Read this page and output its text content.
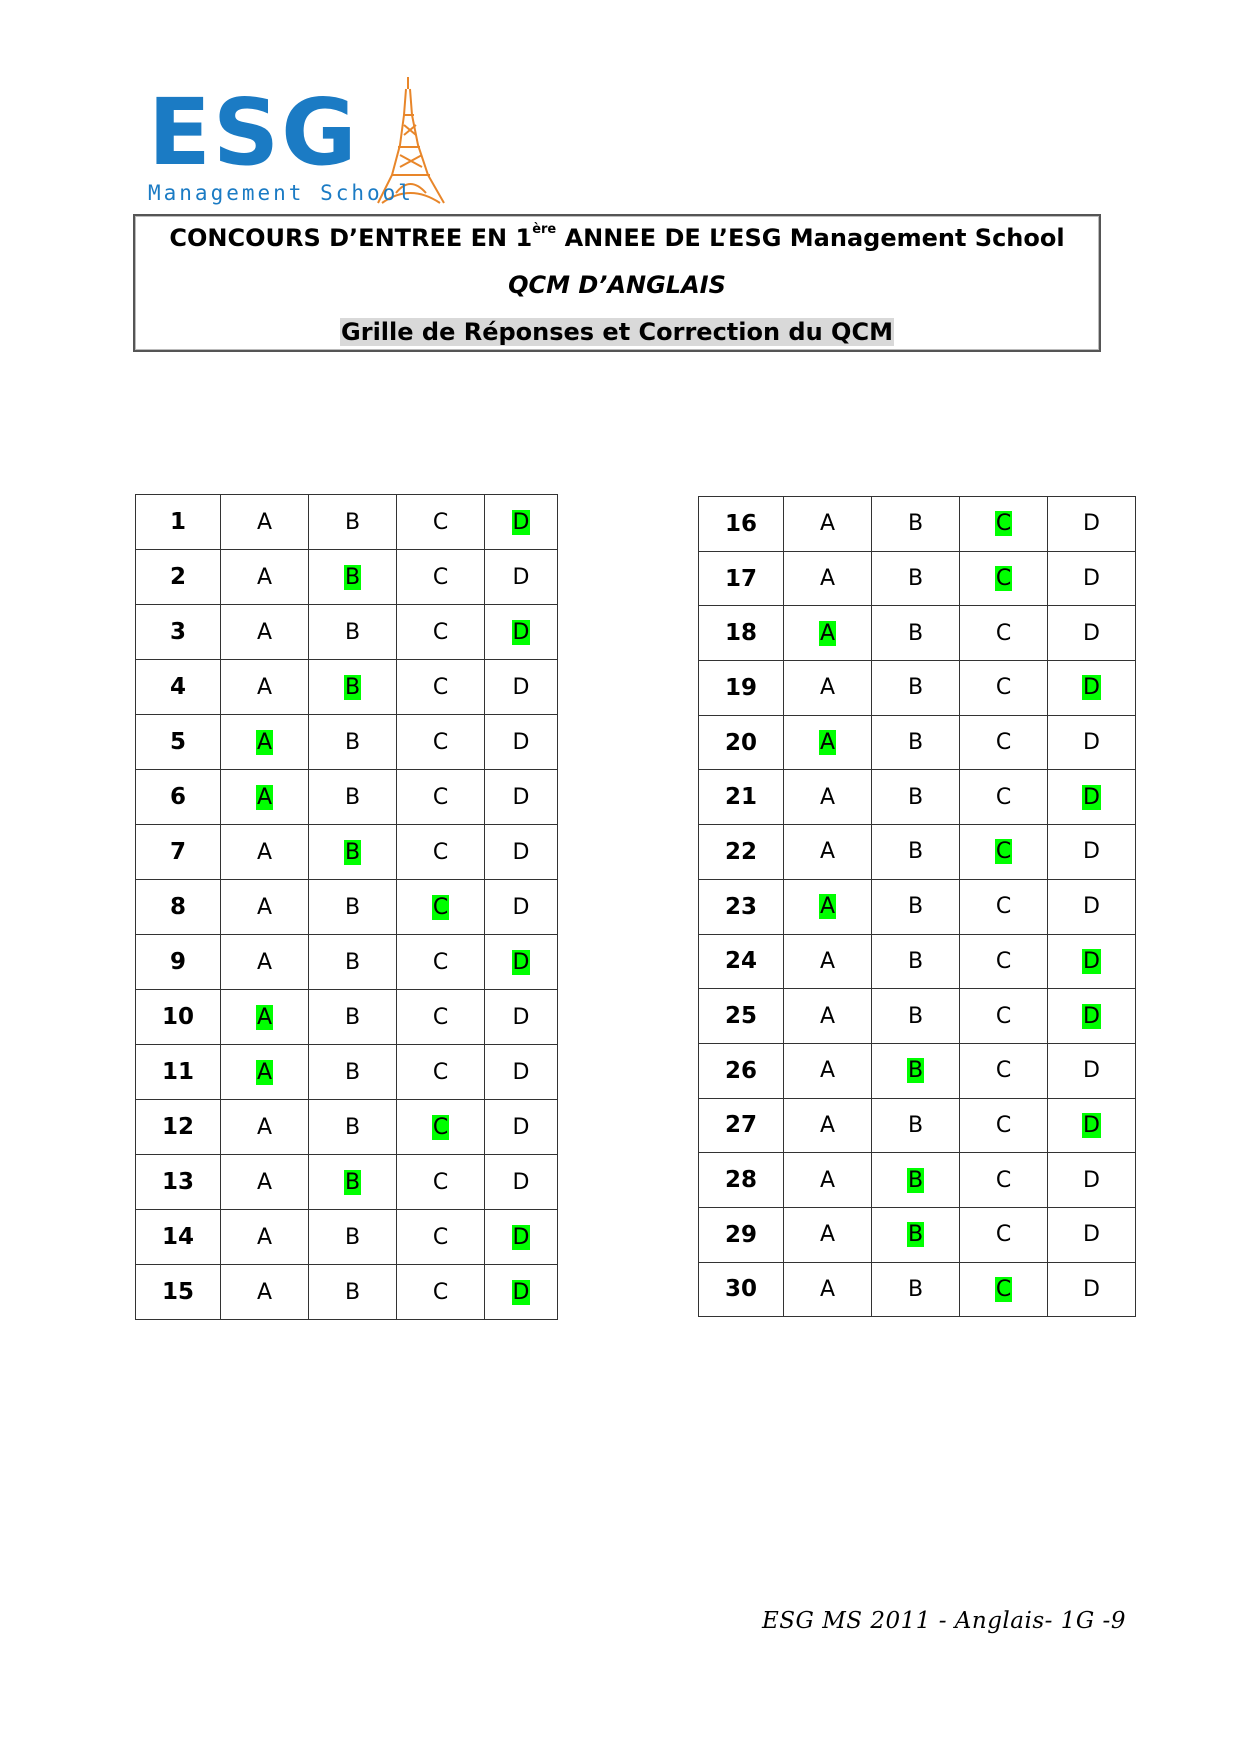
ESG
Management School
CONCOURS D’ENTREE EN 1ère ANNEE DE L’ESG Management School
QCM D’ANGLAIS
Grille de Réponses et Correction du QCM
1	A	B	C	D
2	A	B	C	D
3	A	B	C	D
4	A	B	C	D
5	A	B	C	D
6	A	B	C	D
7	A	B	C	D
8	A	B	C	D
9	A	B	C	D
10	A	B	C	D
11	A	B	C	D
12	A	B	C	D
13	A	B	C	D
14	A	B	C	D
15	A	B	C	D
16	A	B	C	D
17	A	B	C	D
18	A	B	C	D
19	A	B	C	D
20	A	B	C	D
21	A	B	C	D
22	A	B	C	D
23	A	B	C	D
24	A	B	C	D
25	A	B	C	D
26	A	B	C	D
27	A	B	C	D
28	A	B	C	D
29	A	B	C	D
30	A	B	C	D
ESG MS 2011 - Anglais- 1G -9
